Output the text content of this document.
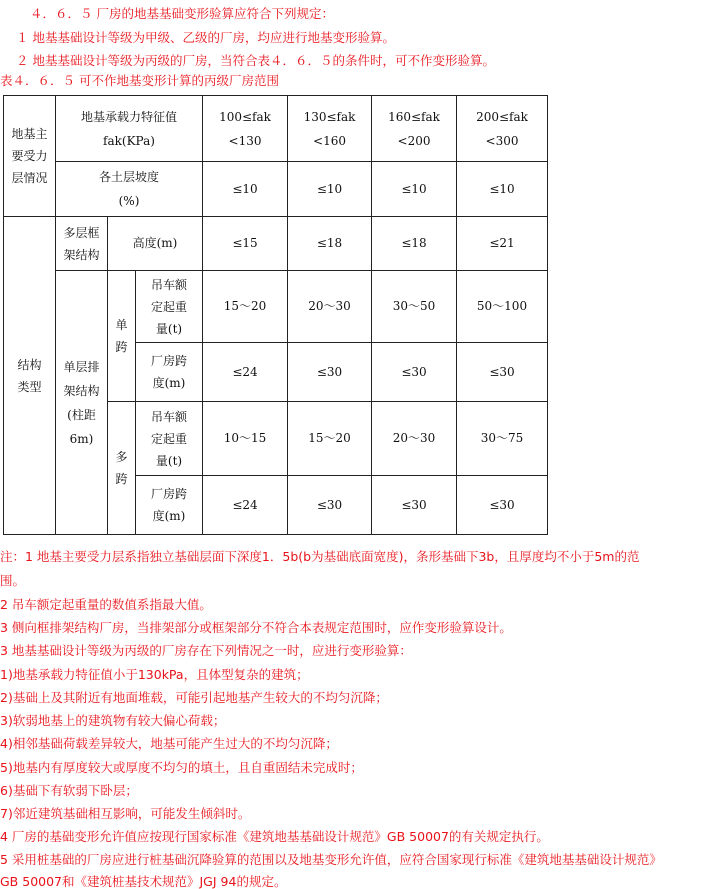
４．６．５ 厂房的地基基础变形验算应符合下列规定：
１ 地基基础设计等级为甲级、乙级的厂房，均应进行地基变形验算。
２ 地基基础设计等级为丙级的厂房，当符合表４．６．５的条件时，可不作变形验算。
表４．６．５ 可不作地基变形计算的丙级厂房范围
地基主要受力层情况	地基承载力特征值 fak(KPa)			100≤fak <130	130≤fak <160	160≤fak <200	200≤fak <300

	各土层坡度 (%)			≤10	≤10	≤10	≤10

结构类型	多层框架结构	高度(m)		≤15	≤18	≤18	≤21

	单层排架结构 (柱距 6m)	单跨	吊车额定起重量(t)	15～20	20～30	30～50	50～100

			厂房跨度(m)	≤24	≤30	≤30	≤30

		多跨	吊车额定起重量(t)	10～15	15～20	20～30	30～75

			厂房跨度(m)	≤24	≤30	≤30	≤30
注：1 地基主要受力层系指独立基础层面下深度1．5b(b为基础底面宽度)，条形基础下3b，且厚度均不小于5m的范
围。
2 吊车额定起重量的数值系指最大值。
3 侧向框排架结构厂房，当排架部分或框架部分不符合本表规定范围时，应作变形验算设计。
3 地基基础设计等级为丙级的厂房存在下列情况之一时，应进行变形验算：
1)地基承载力特征值小于130kPa，且体型复杂的建筑；
2)基础上及其附近有地面堆载，可能引起地基产生较大的不均匀沉降；
3)软弱地基上的建筑物有较大偏心荷载；
4)相邻基础荷载差异较大，地基可能产生过大的不均匀沉降；
5)地基内有厚度较大或厚度不均匀的填土，且自重固结未完成时；
6)基础下有软弱下卧层；
7)邻近建筑基础相互影响，可能发生倾斜时。
4 厂房的基础变形允许值应按现行国家标准《建筑地基基础设计规范》GB 50007的有关规定执行。
5 采用桩基础的厂房应进行桩基础沉降验算的范围以及地基变形允许值，应符合国家现行标准《建筑地基基础设计规范》
GB 50007和《建筑桩基技术规范》JGJ 94的规定。
